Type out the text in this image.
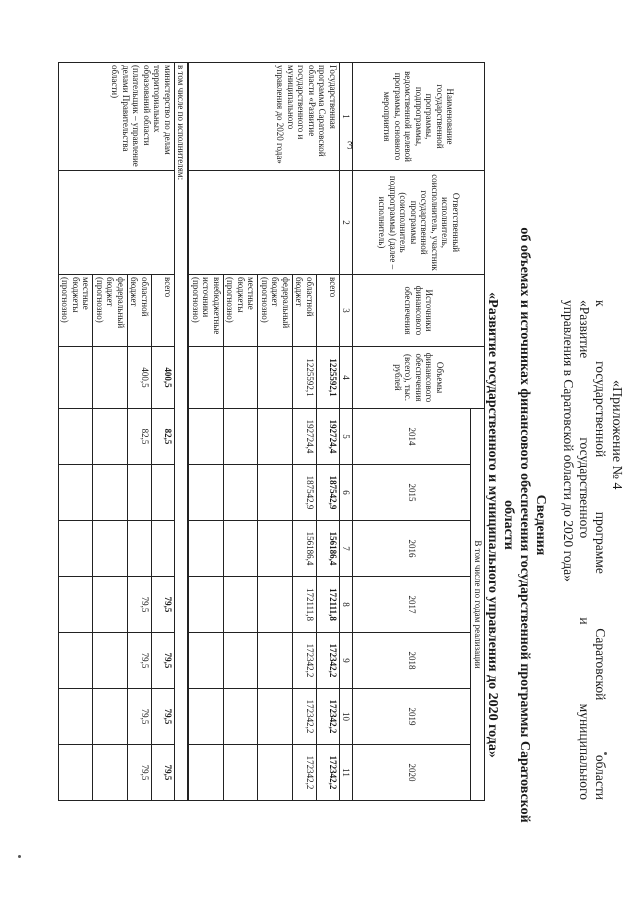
3
«Приложение № 4
к государственной программе Саратовской области
«Развитие государственного и муниципального
управления в Саратовской области до 2020 года»
Сведения
об объемах и источниках финансового обеспечения государственной программы Саратовской области
«Развитие государственного и муниципального управления до 2020 года»
Наименование государственной программы, подпрограммы, ведомственной целевой программы, основного мероприятия	Ответственный исполнитель, соисполнитель, участник государственной программы (соисполнитель подпрограммы) (далее – исполнитель)	Источники финансового обеспечения	Объемы финансового обеспечения (всего), тыс. рублей	В том числе по годам реализации						
				2014	2015	2016	2017	2018	2019	2020
1	2	3	4	5	6	7	8	9	10	11
Государственная программа Саратовской области «Развитие государственного и муниципального управления до 2020 года»		всего	1225592,1	192724,4	187542,9	156186,4	172111,8	172342,2	172342,2	172342,2
		областной бюджет	1225592,1	192724,4	187542,9	156186,4	172111,8	172342,2	172342,2	172342,2
		федеральный бюджет (прогнозно)								
		местные бюджеты (прогнозно)								
		внебюджетные источники (прогнозно)								
в том числе по исполнителям:										
министерство по делам территориальных образований области (плательщик – управление делами Правительства области)		всего	400,5	82,5			79,5	79,5	79,5	79,5
		областной бюджет	400,5	82,5			79,5	79,5	79,5	79,5
		федеральный бюджет (прогнозно)								
		местные бюджеты (прогнозно)								
